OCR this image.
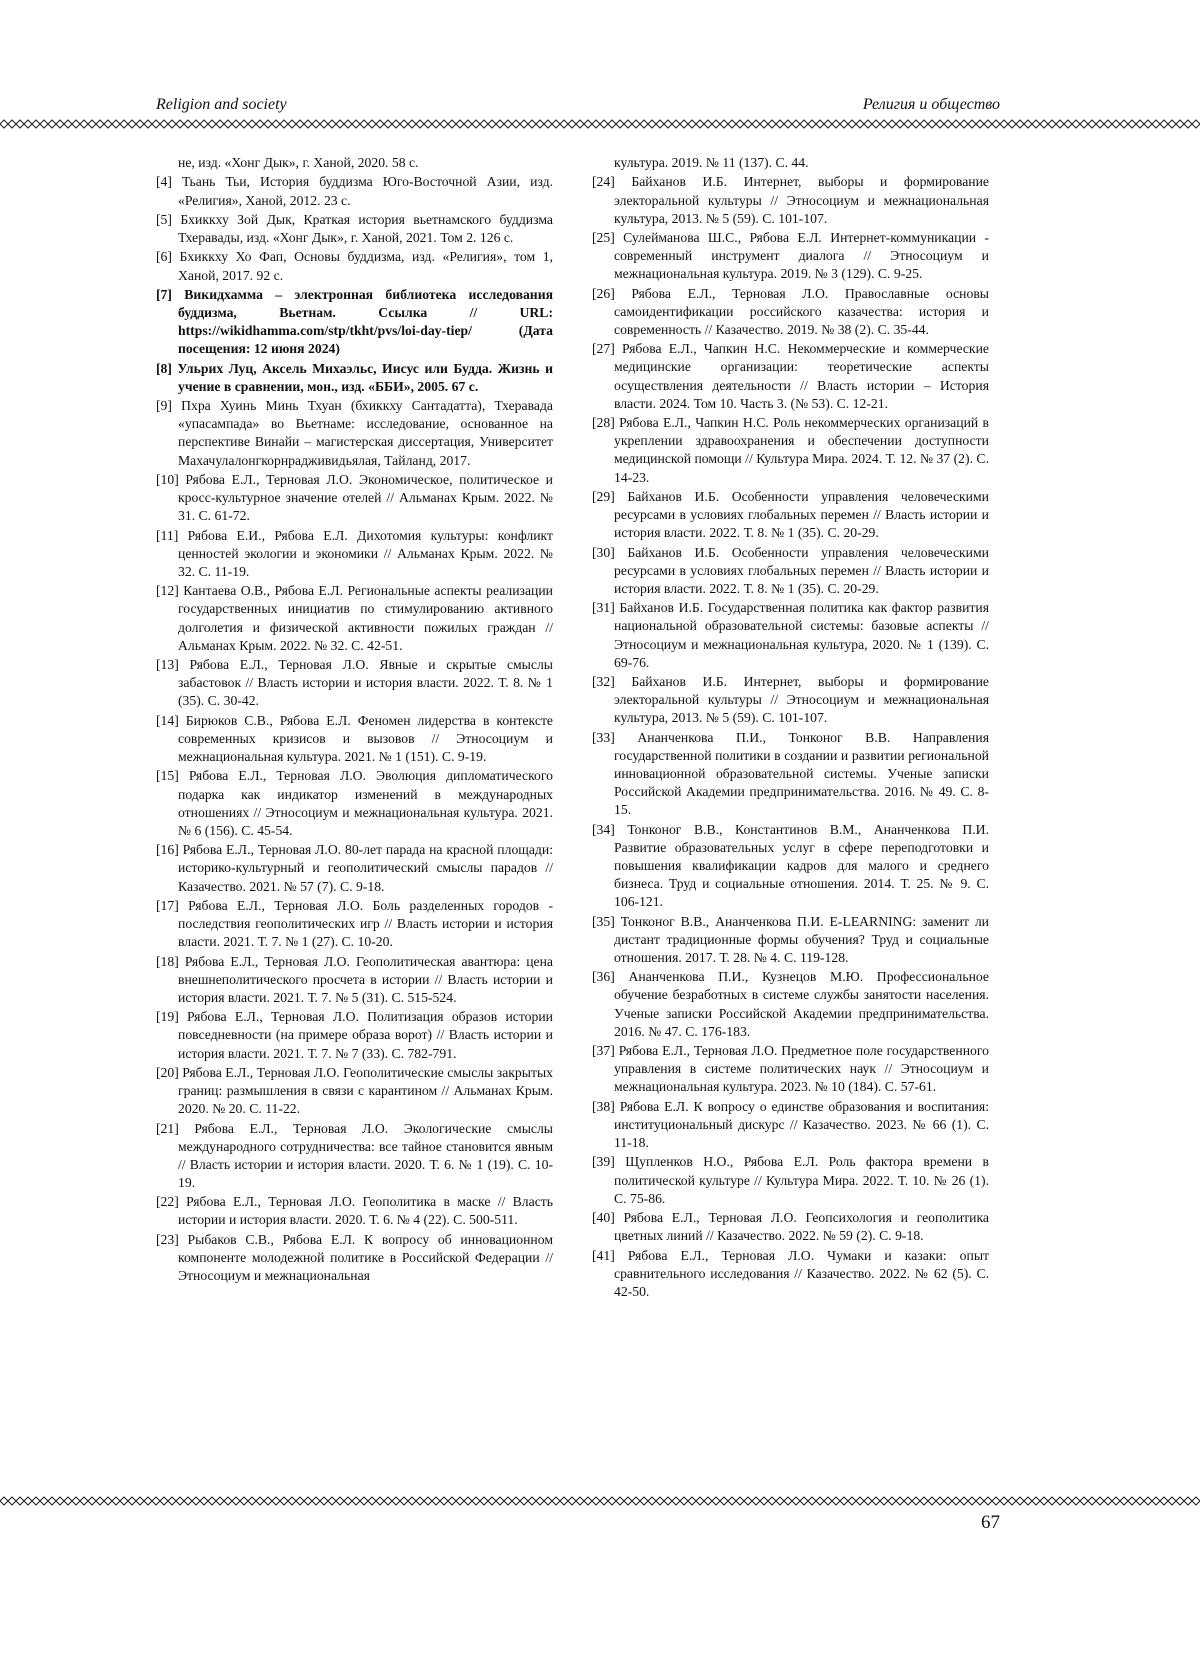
Religion and society	Религия и общество

не, изд. «Хонг Дык», г. Ханой, 2020. 58 с.

[4] Тьань Тьи, История буддизма Юго-Восточной Азии, изд. «Религия», Ханой, 2012. 23 с.

[5] Бхиккху Зой Дык, Краткая история вьетнамского буддизма Тхеравады, изд. «Хонг Дык», г. Ханой, 2021. Том 2. 126 с.

[6] Бхиккху Хо Фап, Основы буддизма, изд. «Религия», том 1, Ханой, 2017. 92 с.

[7] Викидхамма – электронная библиотека исследования буддизма, Вьетнам. Ссылка // URL: https://wikidhamma.com/stp/tkht/pvs/loi-day-tiep/ (Дата посещения: 12 июня 2024)

[8] Ульрих Луц, Аксель Михаэльс, Иисус или Будда. Жизнь и учение в сравнении, мон., изд. «ББИ», 2005. 67 с.

[9] Пхра Хуинь Минь Тхуан (бхиккху Сантадатта), Тхеравада «упасампада» во Вьетнаме: исследование, основанное на перспективе Винайи – магистерская диссертация, Университет Махачулалонгкорнрадживидьялая, Тайланд, 2017.

[10] Рябова Е.Л., Терновая Л.О. Экономическое, политическое и кросс-культурное значение отелей // Альманах Крым. 2022. № 31. С. 61-72.

[11] Рябова Е.И., Рябова Е.Л. Дихотомия культуры: конфликт ценностей экологии и экономики // Альманах Крым. 2022. № 32. С. 11-19.

[12] Кантаева О.В., Рябова Е.Л. Региональные аспекты реализации государственных инициатив по стимулированию активного долголетия и физической активности пожилых граждан // Альманах Крым. 2022. № 32. С. 42-51.

[13] Рябова Е.Л., Терновая Л.О. Явные и скрытые смыслы забастовок // Власть истории и история власти. 2022. Т. 8. № 1 (35). С. 30-42.

[14] Бирюков С.В., Рябова Е.Л. Феномен лидерства в контексте современных кризисов и вызовов // Этносоциум и межнациональная культура. 2021. № 1 (151). С. 9-19.

[15] Рябова Е.Л., Терновая Л.О. Эволюция дипломатического подарка как индикатор изменений в международных отношениях // Этносоциум и межнациональная культура. 2021. № 6 (156). С. 45-54.

[16] Рябова Е.Л., Терновая Л.О. 80-лет парада на красной площади: историко-культурный и геополитический смыслы парадов // Казачество. 2021. № 57 (7). С. 9-18.

[17] Рябова Е.Л., Терновая Л.О. Боль разделенных городов - последствия геополитических игр // Власть истории и история власти. 2021. Т. 7. № 1 (27). С. 10-20.

[18] Рябова Е.Л., Терновая Л.О. Геополитическая авантюра: цена внешнеполитического просчета в истории // Власть истории и история власти. 2021. Т. 7. № 5 (31). С. 515-524.

[19] Рябова Е.Л., Терновая Л.О. Политизация образов истории повседневности (на примере образа ворот) // Власть истории и история власти. 2021. Т. 7. № 7 (33). С. 782-791.

[20] Рябова Е.Л., Терновая Л.О. Геополитические смыслы закрытых границ: размышления в связи с карантином // Альманах Крым. 2020. № 20. С. 11-22.

[21] Рябова Е.Л., Терновая Л.О. Экологические смыслы международного сотрудничества: все тайное становится явным // Власть истории и история власти. 2020. Т. 6. № 1 (19). С. 10-19.

[22] Рябова Е.Л., Терновая Л.О. Геополитика в маске // Власть истории и история власти. 2020. Т. 6. № 4 (22). С. 500-511.

[23] Рыбаков С.В., Рябова Е.Л. К вопросу об инновационном компоненте молодежной политике в Российской Федерации // Этносоциум и межнациональная

культура. 2019. № 11 (137). С. 44.

[24] Байханов И.Б. Интернет, выборы и формирование электоральной культуры // Этносоциум и межнациональная культура, 2013. № 5 (59). С. 101-107.

[25] Сулейманова Ш.С., Рябова Е.Л. Интернет-коммуникации - современный инструмент диалога // Этносоциум и межнациональная культура. 2019. № 3 (129). С. 9-25.

[26] Рябова Е.Л., Терновая Л.О. Православные основы самоидентификации российского казачества: история и современность // Казачество. 2019. № 38 (2). С. 35-44.

[27] Рябова Е.Л., Чапкин Н.С. Некоммерческие и коммерческие медицинские организации: теоретические аспекты осуществления деятельности // Власть истории – История власти. 2024. Том 10. Часть 3. (№ 53). С. 12-21.

[28] Рябова Е.Л., Чапкин Н.С. Роль некоммерческих организаций в укреплении здравоохранения и обеспечении доступности медицинской помощи // Культура Мира. 2024. Т. 12. № 37 (2). С. 14-23.

[29] Байханов И.Б. Особенности управления человеческими ресурсами в условиях глобальных перемен // Власть истории и история власти. 2022. Т. 8. № 1 (35). С. 20-29.

[30] Байханов И.Б. Особенности управления человеческими ресурсами в условиях глобальных перемен // Власть истории и история власти. 2022. Т. 8. № 1 (35). С. 20-29.

[31] Байханов И.Б. Государственная политика как фактор развития национальной образовательной системы: базовые аспекты // Этносоциум и межнациональная культура, 2020. № 1 (139). С. 69-76.

[32] Байханов И.Б. Интернет, выборы и формирование электоральной культуры // Этносоциум и межнациональная культура, 2013. № 5 (59). С. 101-107.

[33] Ананченкова П.И., Тонконог В.В. Направления государственной политики в создании и развитии региональной инновационной образовательной системы. Ученые записки Российской Академии предпринимательства. 2016. № 49. С. 8-15.

[34] Тонконог В.В., Константинов В.М., Ананченкова П.И. Развитие образовательных услуг в сфере переподготовки и повышения квалификации кадров для малого и среднего бизнеса. Труд и социальные отношения. 2014. Т. 25. № 9. С. 106-121.

[35] Тонконог В.В., Ананченкова П.И. E-LEARNING: заменит ли дистант традиционные формы обучения? Труд и социальные отношения. 2017. Т. 28. № 4. С. 119-128.

[36] Ананченкова П.И., Кузнецов М.Ю. Профессиональное обучение безработных в системе службы занятости населения. Ученые записки Российской Академии предпринимательства. 2016. № 47. С. 176-183.

[37] Рябова Е.Л., Терновая Л.О. Предметное поле государственного управления в системе политических наук // Этносоциум и межнациональная культура. 2023. № 10 (184). С. 57-61.

[38] Рябова Е.Л. К вопросу о единстве образования и воспитания: институциональный дискурс // Казачество. 2023. № 66 (1). С. 11-18.

[39] Щупленков Н.О., Рябова Е.Л. Роль фактора времени в политической культуре // Культура Мира. 2022. Т. 10. № 26 (1). С. 75-86.

[40] Рябова Е.Л., Терновая Л.О. Геопсихология и геополитика цветных линий // Казачество. 2022. № 59 (2). С. 9-18.

[41] Рябова Е.Л., Терновая Л.О. Чумаки и казаки: опыт сравнительного исследования // Казачество. 2022. № 62 (5). С. 42-50.

67
